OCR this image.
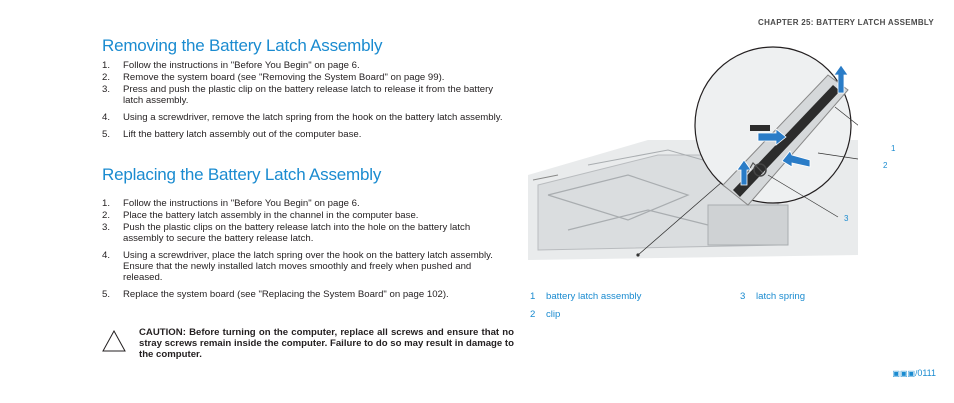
CHAPTER 25: BATTERY LATCH ASSEMBLY
Removing the Battery Latch Assembly
1. Follow the instructions in "Before You Begin" on page 6.
2. Remove the system board (see "Removing the System Board" on page 99).
3. Press and push the plastic clip on the battery release latch to release it from the battery latch assembly.
4. Using a screwdriver, remove the latch spring from the hook on the battery latch assembly.
5. Lift the battery latch assembly out of the computer base.
Replacing the Battery Latch Assembly
1. Follow the instructions in "Before You Begin" on page 6.
2. Place the battery latch assembly in the channel in the computer base.
3. Push the plastic clips on the battery release latch into the hole on the battery latch assembly to secure the battery release latch.
4. Using a screwdriver, place the latch spring over the hook on the battery latch assembly.
Ensure that the newly installed latch moves smoothly and freely when pushed and released.
5. Replace the system board (see "Replacing the System Board" on page 102).
CAUTION: Before turning on the computer, replace all screws and ensure that no stray screws remain inside the computer. Failure to do so may result in damage to the computer.
1
2
3
1 battery latch assembly
2 clip
3 latch spring
▣▣▣/0111
